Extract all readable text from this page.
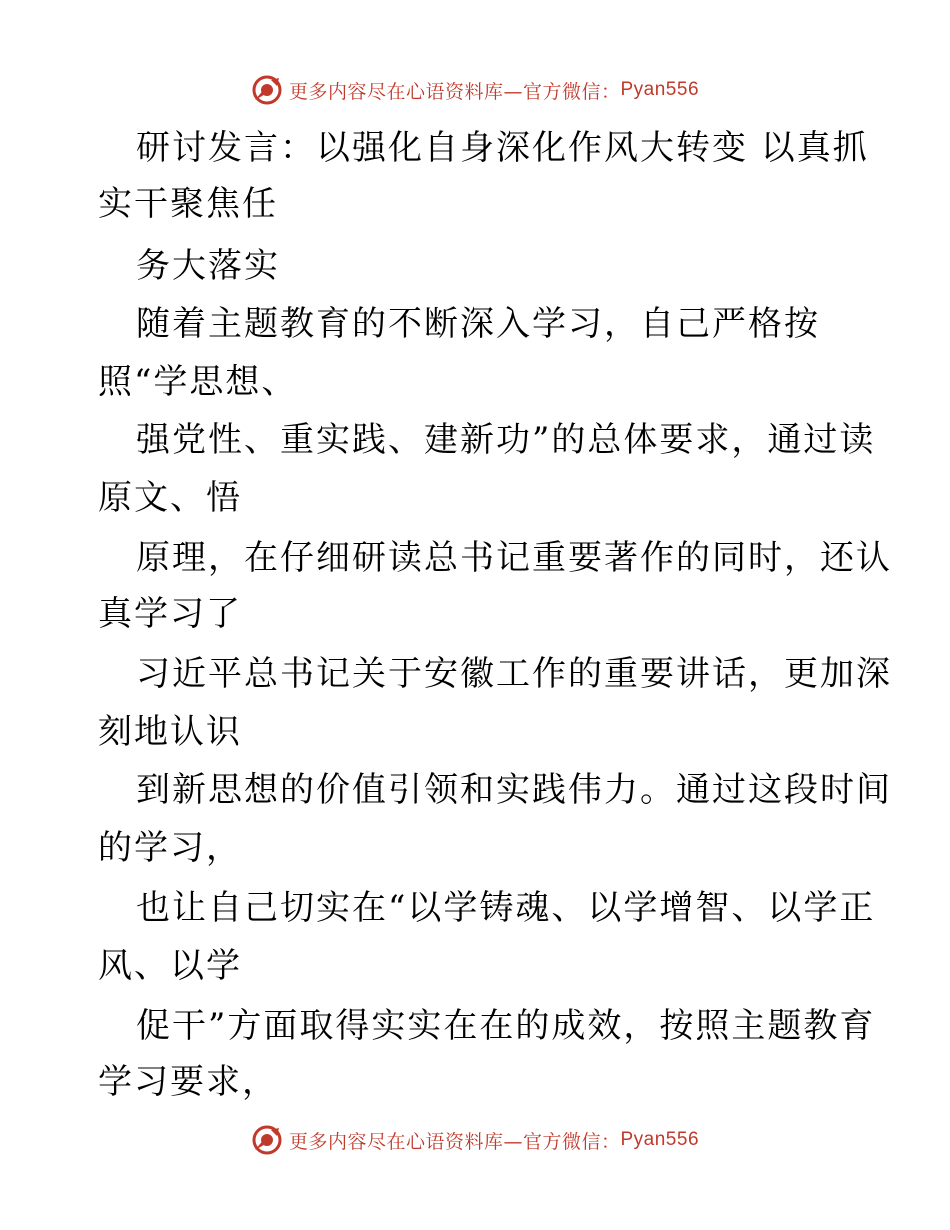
更多内容尽在心语资料库—官方微信： Pyan556
研讨发言：以强化自身深化作风大转变 以真抓
实干聚焦任
务大落实
随着主题教育的不断深入学习，自己严格按
照“学思想、
强党性、重实践、建新功”的总体要求，通过读
原文、悟
原理，在仔细研读总书记重要著作的同时，还认
真学习了
习近平总书记关于安徽工作的重要讲话，更加深
刻地认识
到新思想的价值引领和实践伟力。通过这段时间
的学习，
也让自己切实在“以学铸魂、以学增智、以学正
风、以学
促干”方面取得实实在在的成效，按照主题教育
学习要求，
更多内容尽在心语资料库—官方微信： Pyan556
